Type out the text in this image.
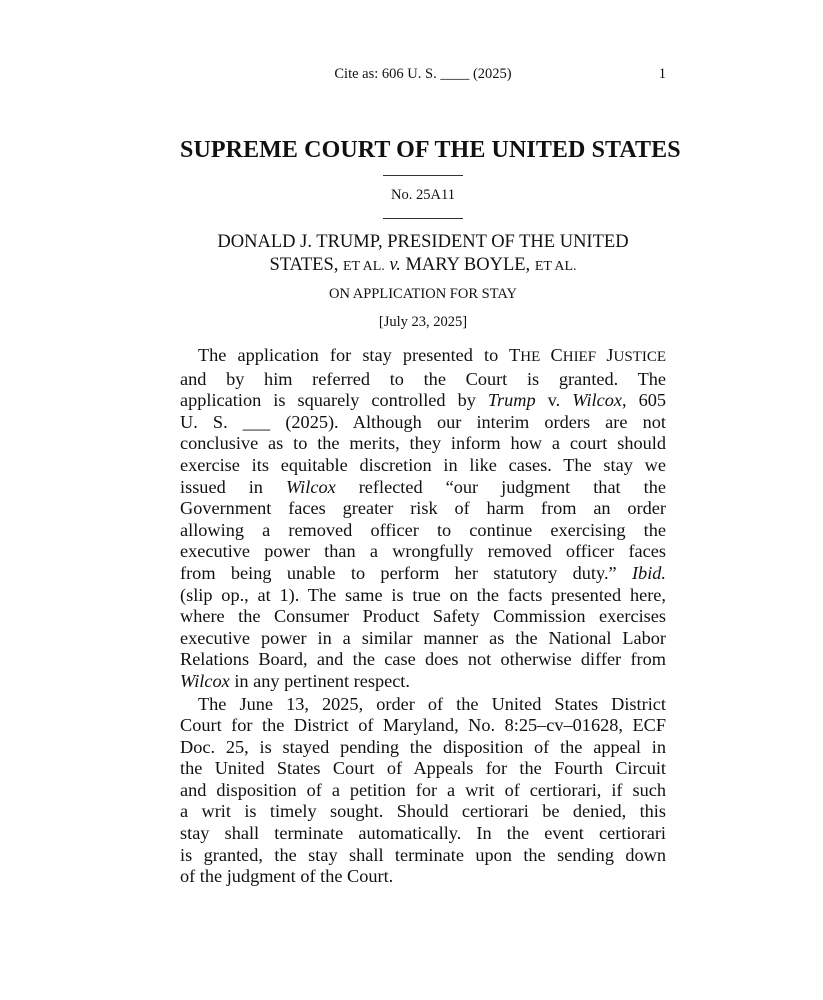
Cite as: 606 U. S. ____ (2025)	1
SUPREME COURT OF THE UNITED STATES
No. 25A11
DONALD J. TRUMP, PRESIDENT OF THE UNITED
STATES, ET AL. v. MARY BOYLE, ET AL.
ON APPLICATION FOR STAY
[July 23, 2025]
The application for stay presented to THE CHIEF JUSTICE
and by him referred to the Court is granted. The
application is squarely controlled by Trump v. Wilcox, 605
U. S. ___ (2025). Although our interim orders are not
conclusive as to the merits, they inform how a court should
exercise its equitable discretion in like cases. The stay we
issued in Wilcox reflected “our judgment that the
Government faces greater risk of harm from an order
allowing a removed officer to continue exercising the
executive power than a wrongfully removed officer faces
from being unable to perform her statutory duty.” Ibid.
(slip op., at 1). The same is true on the facts presented here,
where the Consumer Product Safety Commission exercises
executive power in a similar manner as the National Labor
Relations Board, and the case does not otherwise differ from
Wilcox in any pertinent respect.
The June 13, 2025, order of the United States District
Court for the District of Maryland, No. 8:25–cv–01628, ECF
Doc. 25, is stayed pending the disposition of the appeal in
the United States Court of Appeals for the Fourth Circuit
and disposition of a petition for a writ of certiorari, if such
a writ is timely sought. Should certiorari be denied, this
stay shall terminate automatically. In the event certiorari
is granted, the stay shall terminate upon the sending down
of the judgment of the Court.
